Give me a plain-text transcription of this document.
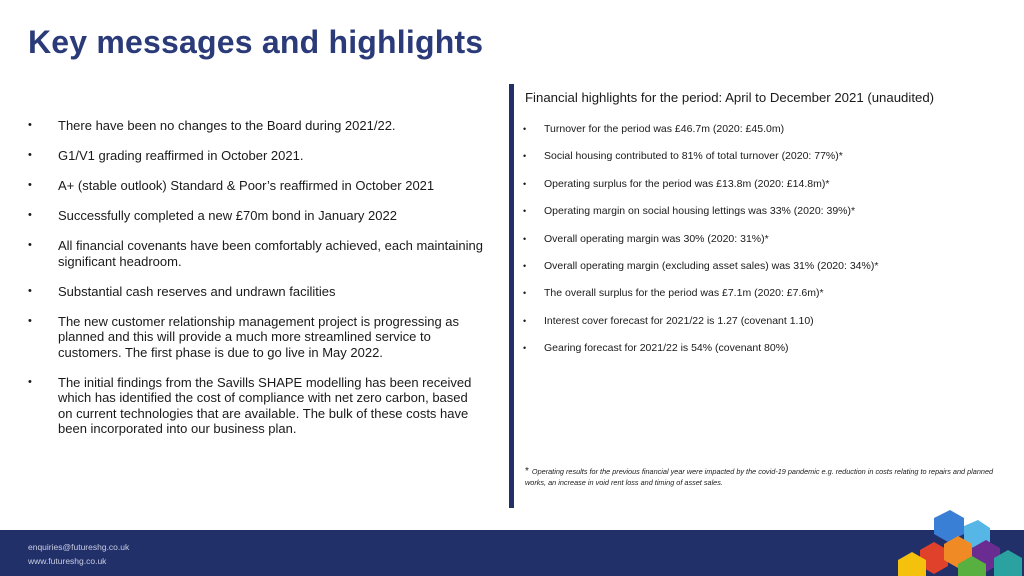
Key messages and highlights
• There have been no changes to the Board during 2021/22.
• G1/V1 grading reaffirmed in October 2021.
• A+ (stable outlook) Standard & Poor’s reaffirmed in October 2021
• Successfully completed a new £70m bond in January 2022
• All financial covenants have been comfortably achieved, each maintaining significant headroom.
• Substantial cash reserves and undrawn facilities
• The new customer relationship management project is progressing as planned and this will provide a much more streamlined service to customers. The first phase is due to go live in May 2022.
• The initial findings from the Savills SHAPE modelling has been received which has identified the cost of compliance with net zero carbon, based on current technologies that are available. The bulk of these costs have been incorporated into our business plan.
Financial highlights for the period: April to December 2021 (unaudited)
• Turnover for the period was £46.7m (2020: £45.0m)
• Social housing contributed to 81% of total turnover (2020: 77%)*
• Operating surplus for the period was £13.8m (2020: £14.8m)*
• Operating margin on social housing lettings was 33% (2020: 39%)*
• Overall operating margin was 30% (2020: 31%)*
• Overall operating margin (excluding asset sales) was 31% (2020: 34%)*
• The overall surplus for the period was £7.1m (2020: £7.6m)*
• Interest cover forecast for 2021/22 is 1.27 (covenant 1.10)
• Gearing forecast for 2021/22 is 54% (covenant 80%)
* Operating results for the previous financial year were impacted by the covid-19 pandemic e.g. reduction in costs relating to repairs and planned works, an increase in void rent loss and timing of asset sales.
enquiries@futureshg.co.uk
www.futureshg.co.uk
